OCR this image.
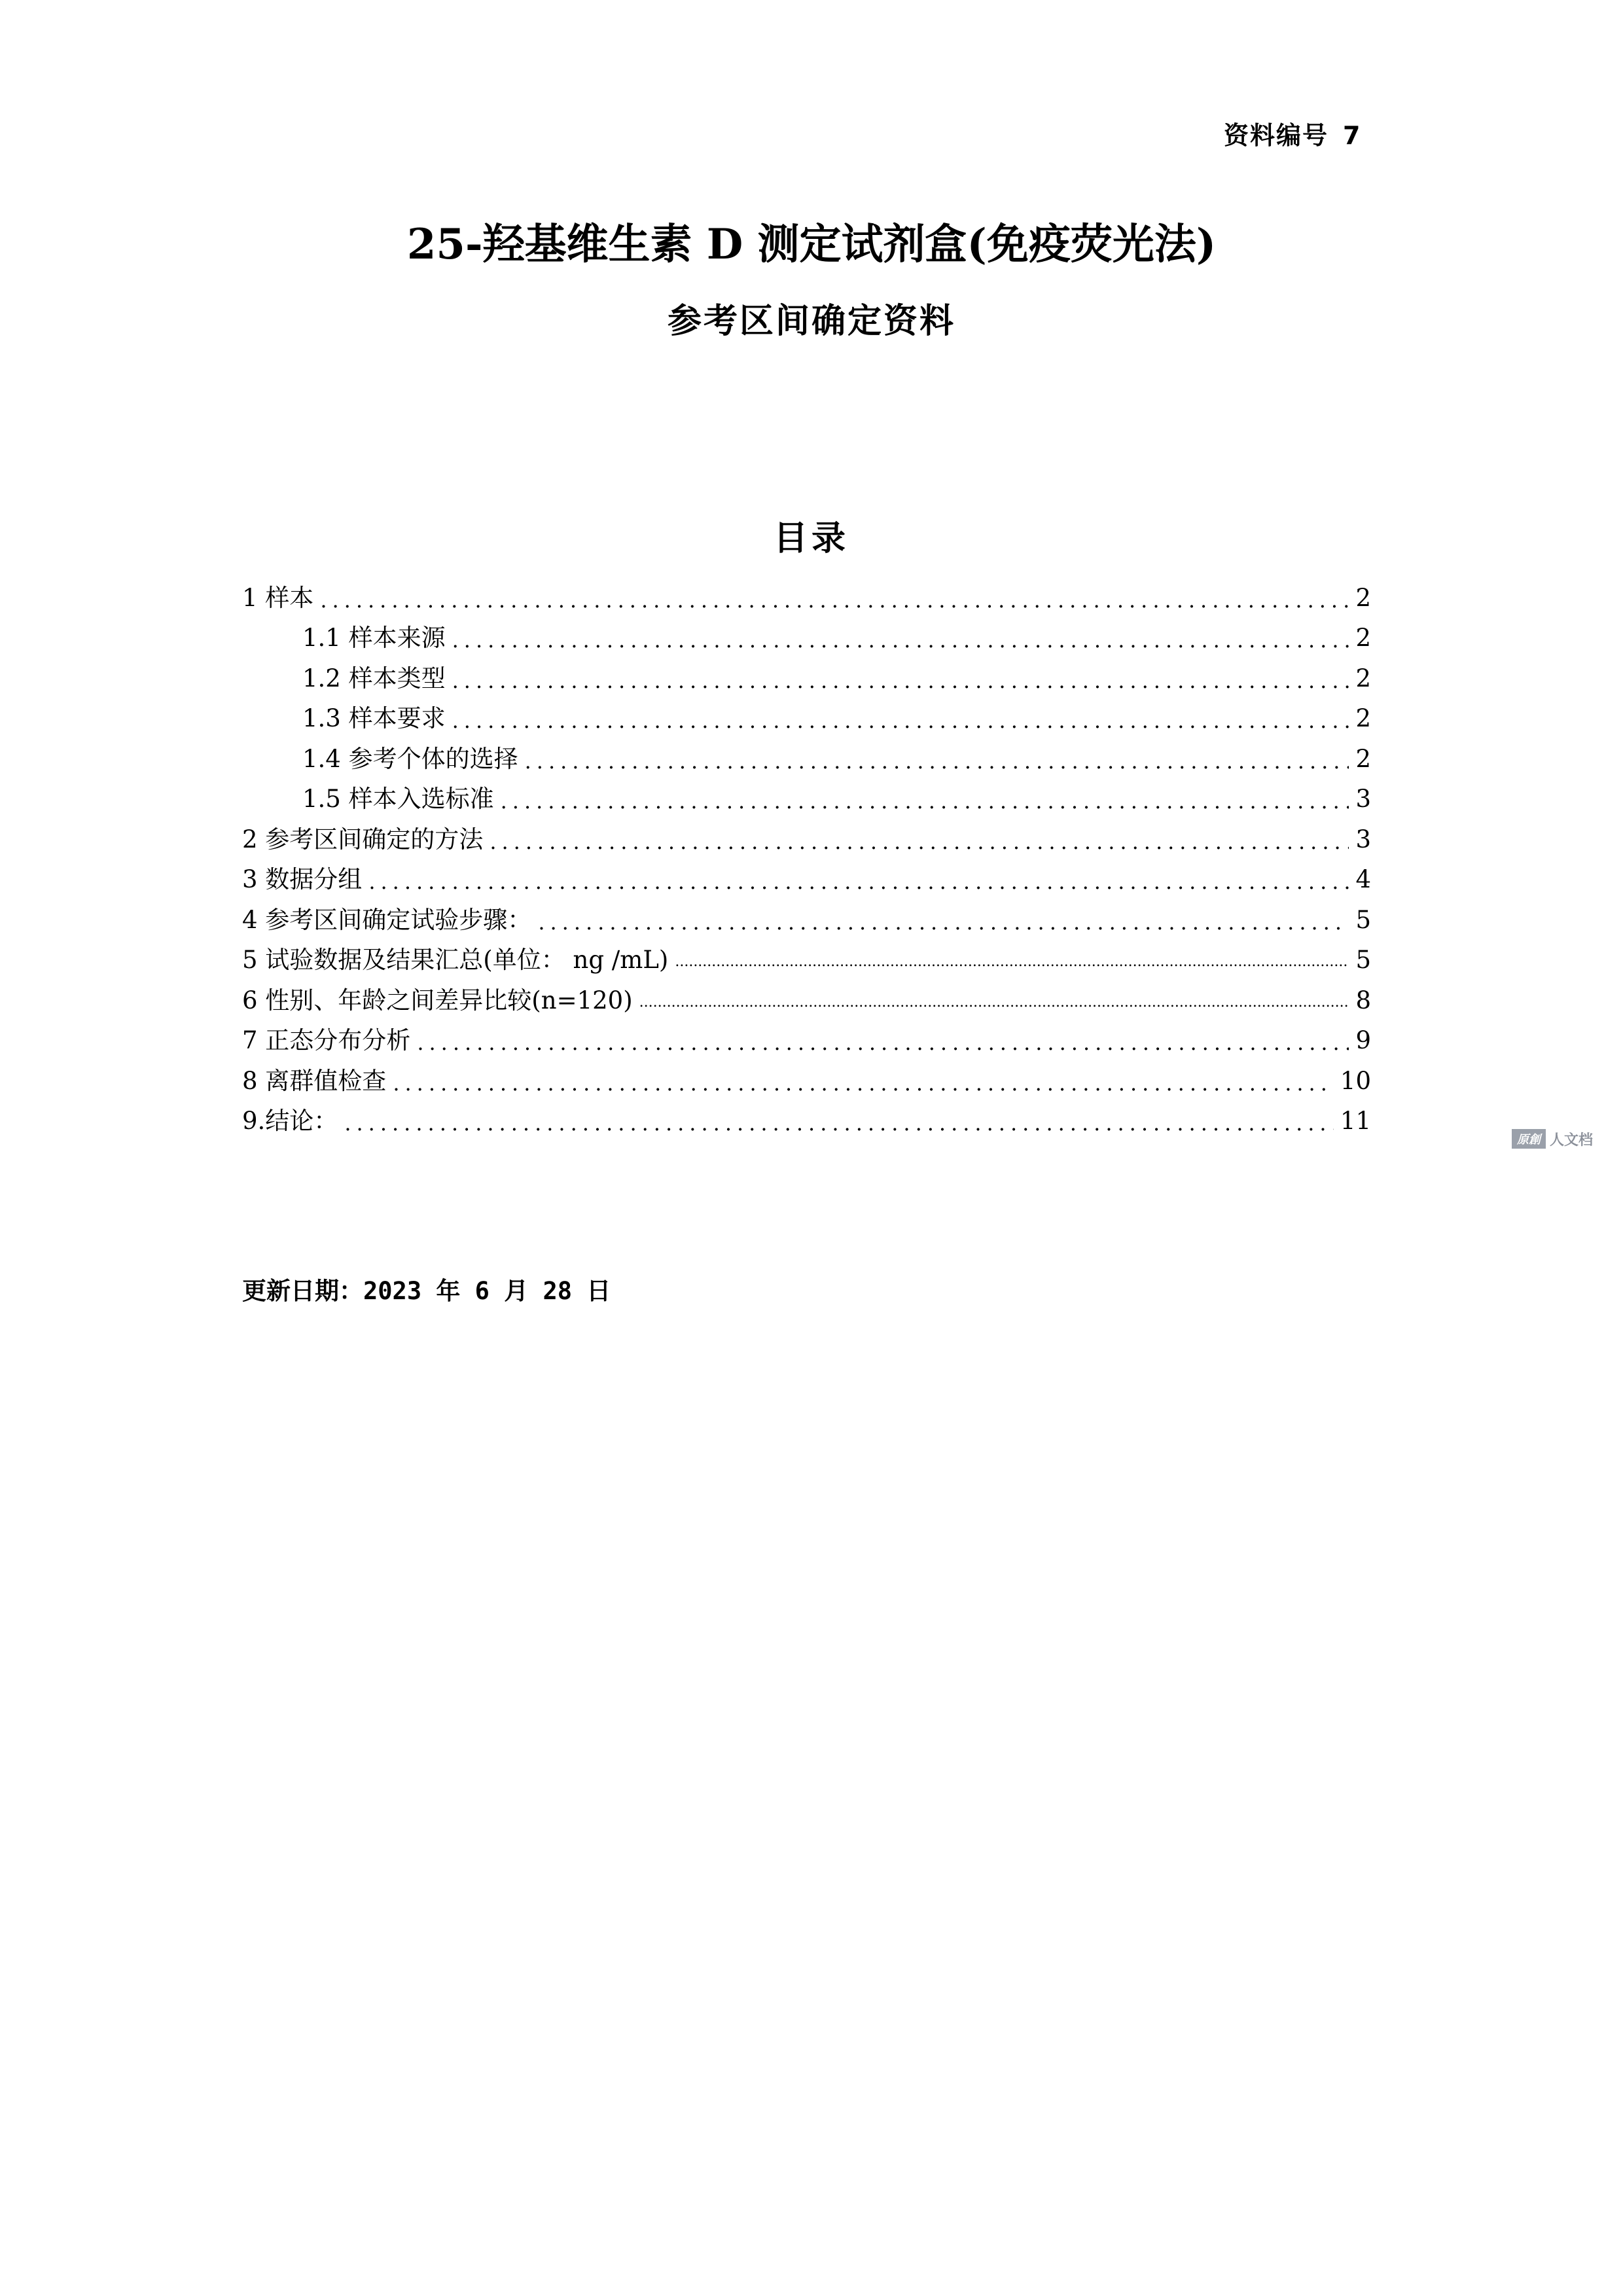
资料编号 7
25-羟基维生素 D 测定试剂盒(免疫荧光法)
参考区间确定资料
目录
1 样本 .....	2
1.1 样本来源 .....	2
1.2 样本类型 .....	2
1.3 样本要求 .....	2
1.4 参考个体的选择 .....	2
1.5 样本入选标准 .....	3
2 参考区间确定的方法 .....	3
3 数据分组 .....	4
4 参考区间确定试验步骤： .....	5
5 试验数据及结果汇总(单位： ng /mL) .....	5
6 性别、年龄之间差异比较(n=120) .....	8
7 正态分布分析 .....	9
8 离群值检查 .....	10
9.结论： .....	11
原創 人文档
更新日期：2023 年 6 月 28 日
